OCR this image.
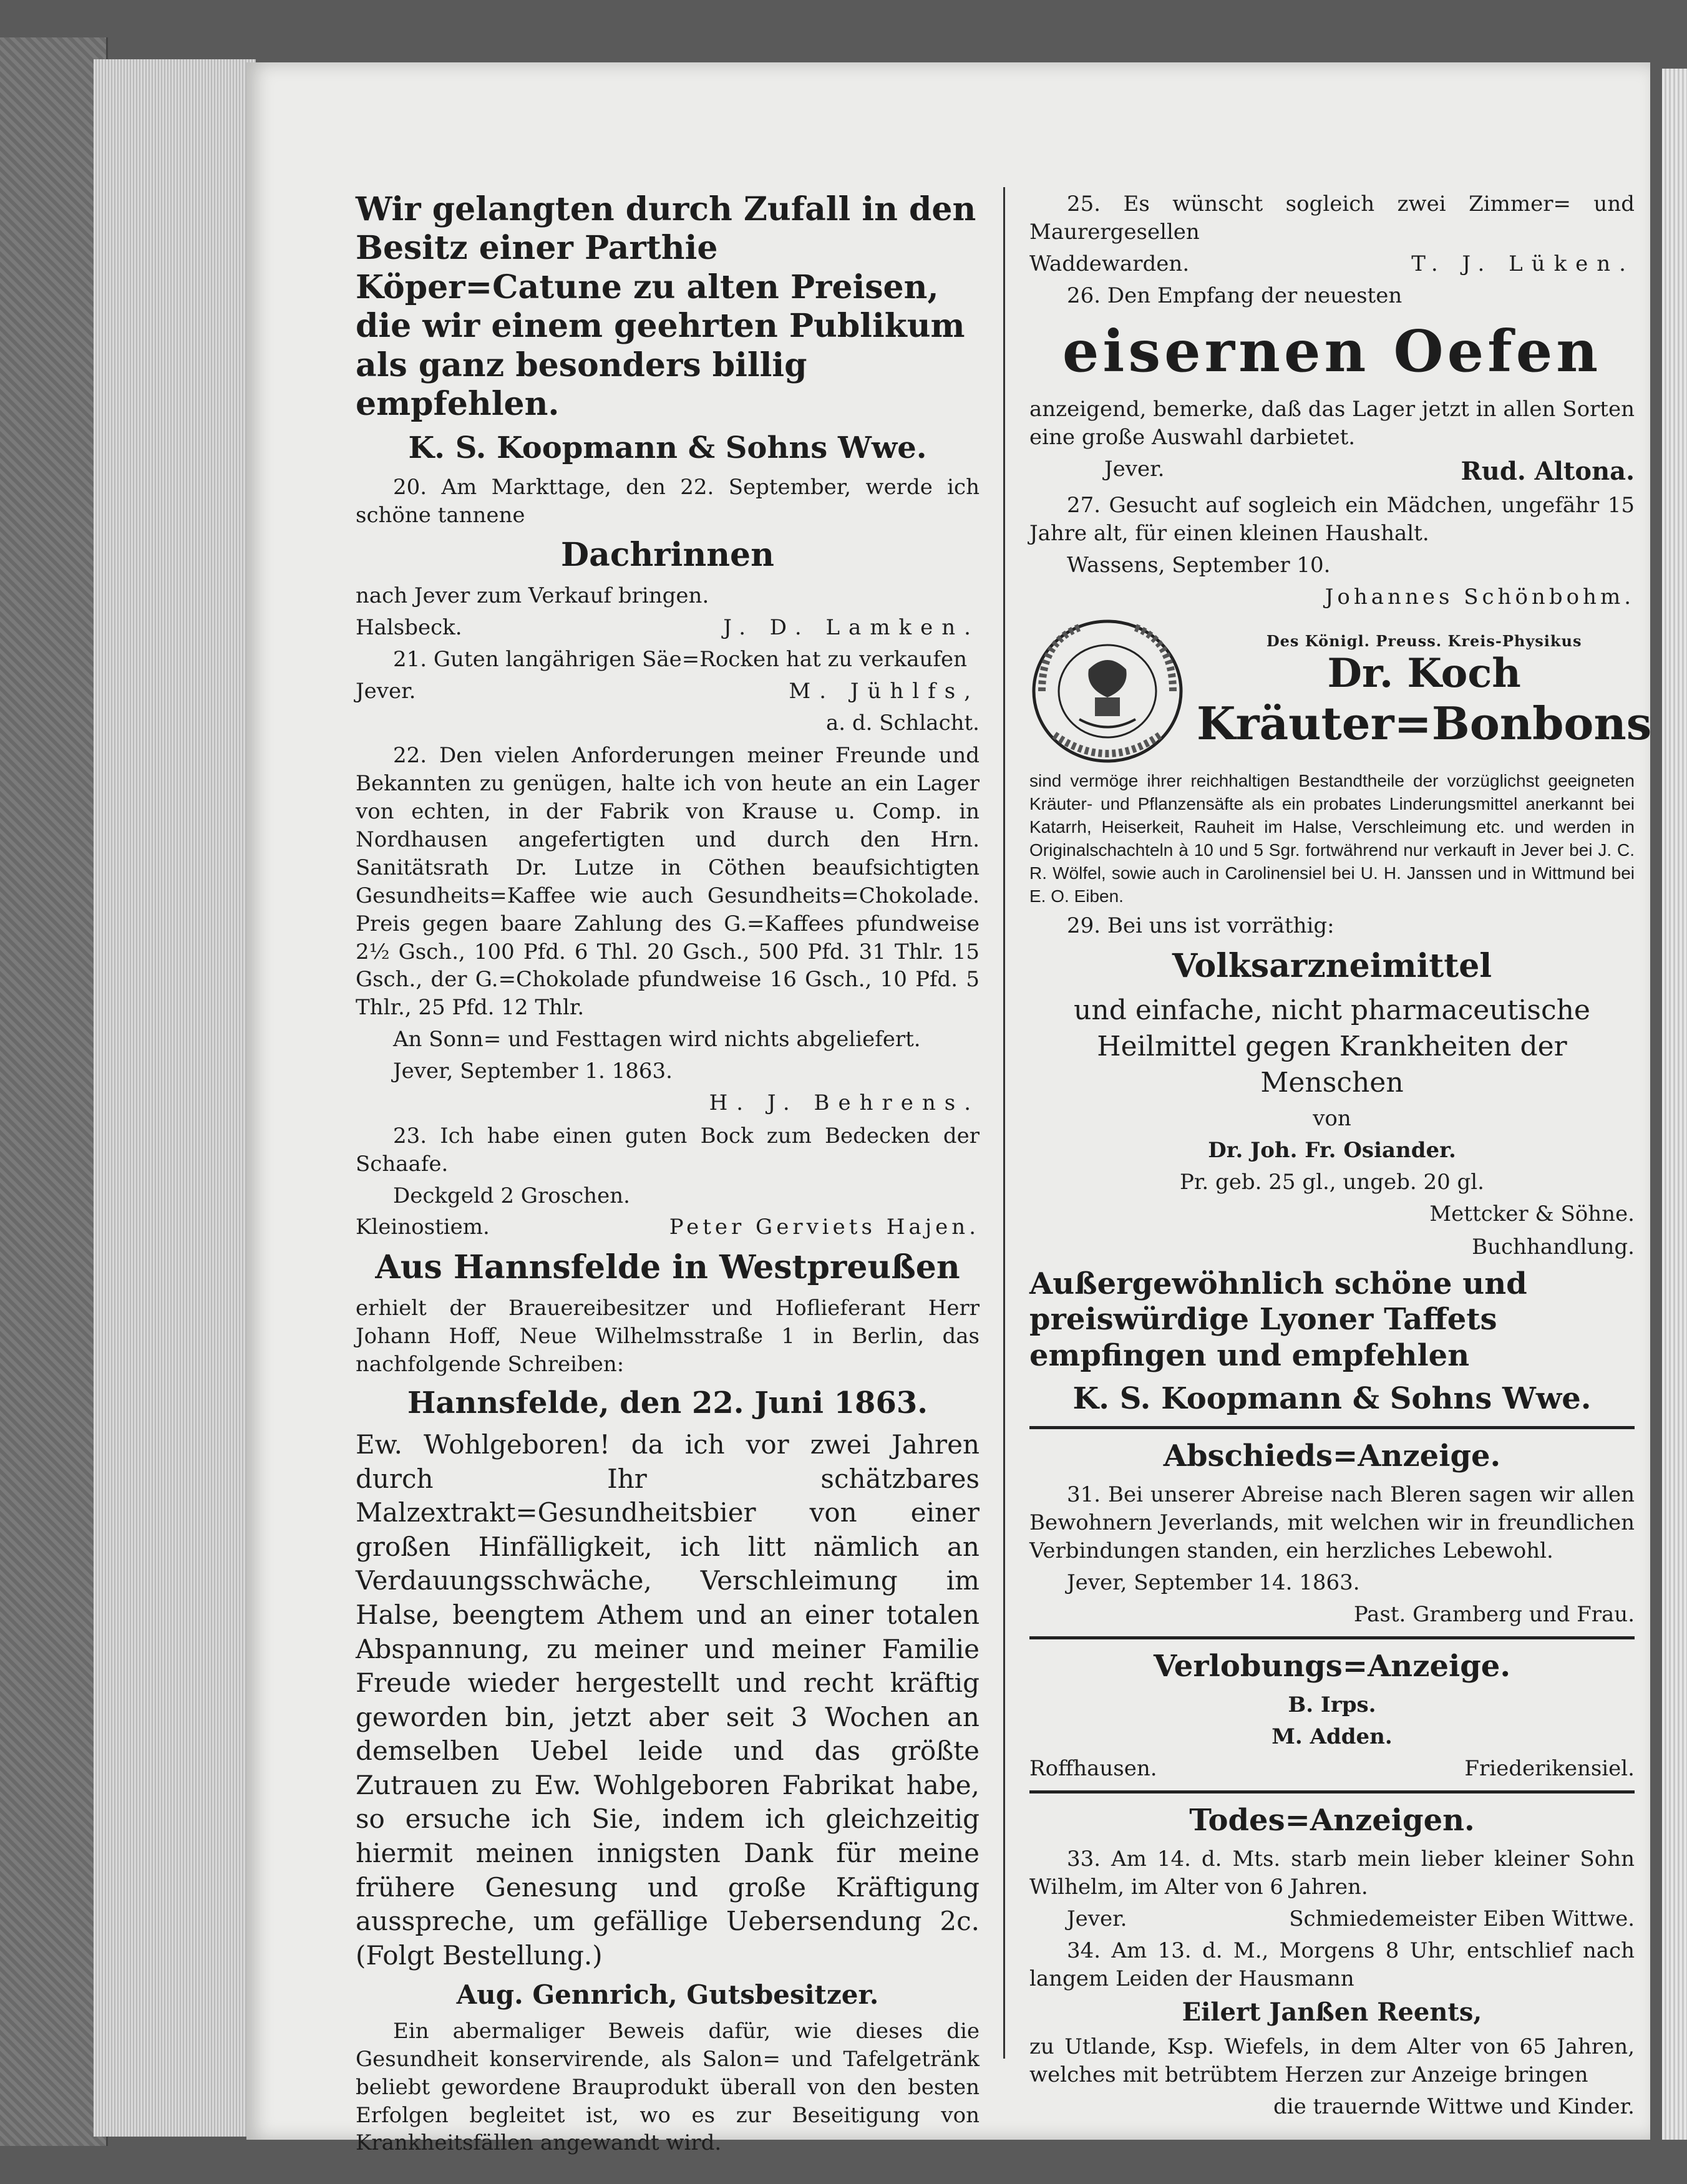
Wir gelangten durch Zufall in den Besitz einer Parthie Köper=Catune zu alten Preisen, die wir einem geehrten Publikum als ganz besonders billig empfehlen.

K. S. Koopmann & Sohns Wwe.

20. Am Markttage, den 22. September, werde ich schöne tannene

Dachrinnen

nach Jever zum Verkauf bringen.

Halsbeck.	J. D. Lamken.

21. Guten langährigen Säe=Rocken hat zu verkaufen

Jever.	M. Jühlfs,

a. d. Schlacht.

22. Den vielen Anforderungen meiner Freunde und Bekannten zu genügen, halte ich von heute an ein Lager von echten, in der Fabrik von Krause u. Comp. in Nordhausen angefertigten und durch den Hrn. Sanitätsrath Dr. Lutze in Cöthen beaufsichtigten Gesundheits=Kaffee wie auch Gesundheits=Chokolade. Preis gegen baare Zahlung des G.=Kaffees pfundweise 2½ Gsch., 100 Pfd. 6 Thl. 20 Gsch., 500 Pfd. 31 Thlr. 15 Gsch., der G.=Chokolade pfundweise 16 Gsch., 10 Pfd. 5 Thlr., 25 Pfd. 12 Thlr.

An Sonn= und Festtagen wird nichts abgeliefert.

Jever, September 1. 1863.

H. J. Behrens.

23. Ich habe einen guten Bock zum Bedecken der Schaafe.

Deckgeld 2 Groschen.

Kleinostiem.	Peter Gerviets Hajen.

Aus Hannsfelde in Westpreußen

erhielt der Brauereibesitzer und Hoflieferant Herr Johann Hoff, Neue Wilhelmsstraße 1 in Berlin, das nachfolgende Schreiben:

Hannsfelde, den 22. Juni 1863.

Ew. Wohlgeboren! da ich vor zwei Jahren durch Ihr schätzbares Malzextrakt=Gesundheitsbier von einer großen Hinfälligkeit, ich litt nämlich an Verdauungsschwäche, Verschleimung im Halse, beengtem Athem und an einer totalen Abspannung, zu meiner und meiner Familie Freude wieder hergestellt und recht kräftig geworden bin, jetzt aber seit 3 Wochen an demselben Uebel leide und das größte Zutrauen zu Ew. Wohlgeboren Fabrikat habe, so ersuche ich Sie, indem ich gleichzeitig hiermit meinen innigsten Dank für meine frühere Genesung und große Kräftigung ausspreche, um gefällige Uebersendung 2c. (Folgt Bestellung.)

Aug. Gennrich, Gutsbesitzer.

Ein abermaliger Beweis dafür, wie dieses die Gesundheit konservirende, als Salon= und Tafelgetränk beliebt gewordene Brauprodukt überall von den besten Erfolgen begleitet ist, wo es zur Beseitigung von Krankheitsfällen angewandt wird.

25. Es wünscht sogleich zwei Zimmer= und Maurergesellen

Waddewarden.	T. J. Lüken.

26. Den Empfang der neuesten

eisernen Oefen

anzeigend, bemerke, daß das Lager jetzt in allen Sorten eine große Auswahl darbietet.

Jever.	Rud. Altona.

27. Gesucht auf sogleich ein Mädchen, ungefähr 15 Jahre alt, für einen kleinen Haushalt.

Wassens, September 10.

Johannes Schönbohm.

Des Königl. Preuss. Kreis-Physikus
Dr. Koch
Kräuter=Bonbons

sind vermöge ihrer reichhaltigen Bestandtheile der vorzüglichst geeigneten Kräuter- und Pflanzensäfte als ein probates Linderungsmittel anerkannt bei Katarrh, Heiserkeit, Rauheit im Halse, Verschleimung etc. und werden in Originalschachteln à 10 und 5 Sgr. fortwährend nur verkauft in Jever bei J. C. R. Wölfel, sowie auch in Carolinensiel bei U. H. Janssen und in Wittmund bei E. O. Eiben.

29. Bei uns ist vorräthig:

Volksarzneimittel

und einfache, nicht pharmaceutische Heilmittel gegen Krankheiten der Menschen

von

Dr. Joh. Fr. Osiander.

Pr. geb. 25 gl., ungeb. 20 gl.

Mettcker & Söhne.

Buchhandlung.

Außergewöhnlich schöne und preiswürdige Lyoner Taffets empfingen und empfehlen

K. S. Koopmann & Sohns Wwe.

Abschieds=Anzeige.

31. Bei unserer Abreise nach Bleren sagen wir allen Bewohnern Jeverlands, mit welchen wir in freundlichen Verbindungen standen, ein herzliches Lebewohl.

Jever, September 14. 1863.

Past. Gramberg und Frau.

Verlobungs=Anzeige.

B. Irps.

M. Adden.

Roffhausen.	Friederikensiel.

Todes=Anzeigen.

33. Am 14. d. Mts. starb mein lieber kleiner Sohn Wilhelm, im Alter von 6 Jahren.

Jever.	Schmiedemeister Eiben Wittwe.

34. Am 13. d. M., Morgens 8 Uhr, entschlief nach langem Leiden der Hausmann

Eilert Janßen Reents,

zu Utlande, Ksp. Wiefels, in dem Alter von 65 Jahren, welches mit betrübtem Herzen zur Anzeige bringen

die trauernde Wittwe und Kinder.
